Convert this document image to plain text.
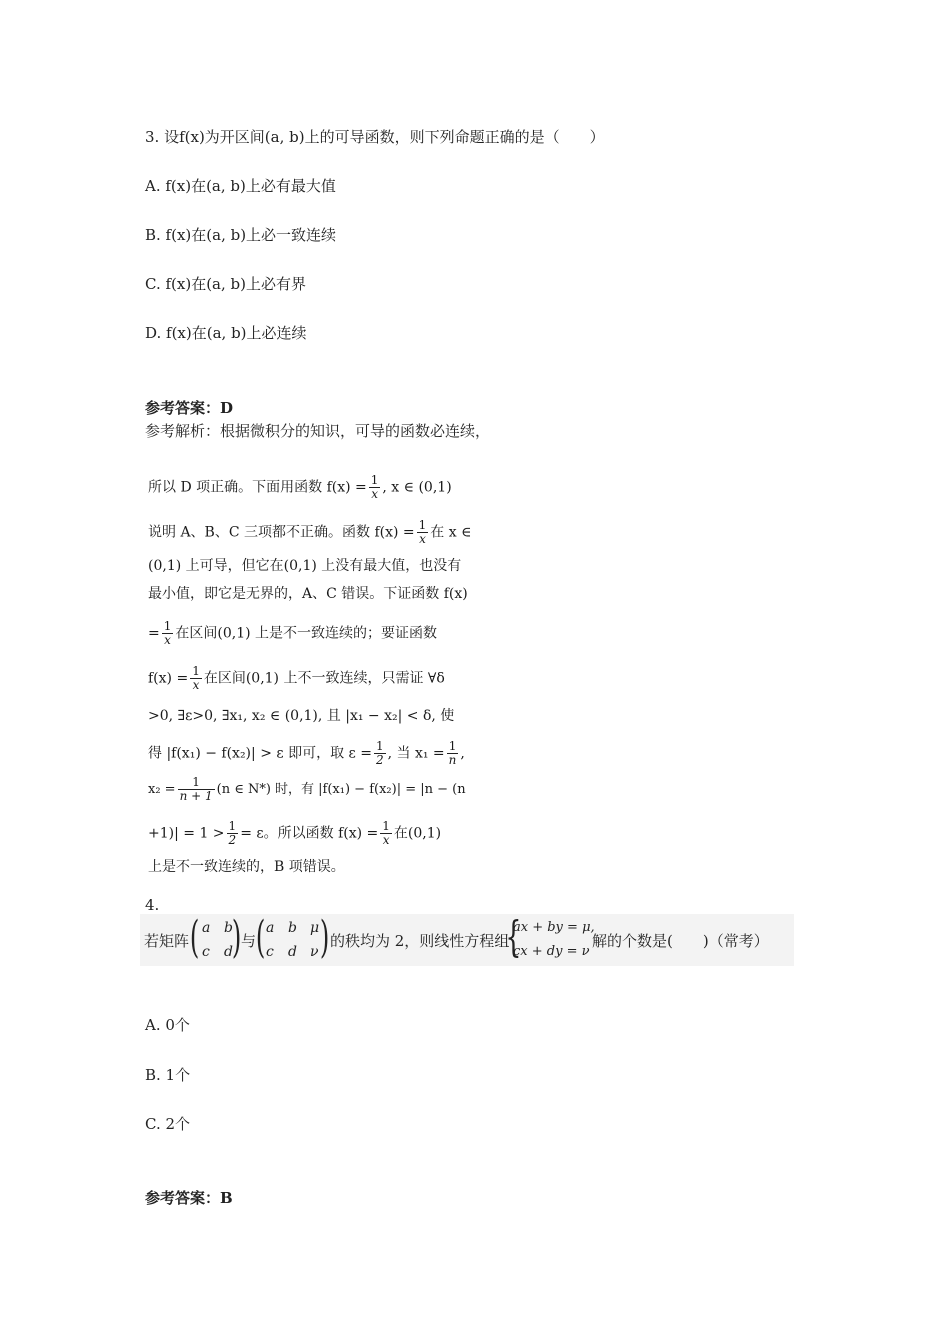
3. 设f(x)为开区间(a, b)上的可导函数，则下列命题正确的是（　　）
A. f(x)在(a, b)上必有最大值
B. f(x)在(a, b)上必一致连续
C. f(x)在(a, b)上必有界
D. f(x)在(a, b)上必连续
参考答案：D
参考解析：根据微积分的知识，可导的函数必连续，
所以 D 项正确。下面用函数 $f(x) = \frac{1}{x}$ , x ∈ (0,1)
说明 A、B、C 三项都不正确。函数 $f(x) = \frac{1}{x}$ 在 x ∈
(0,1) 上可导，但它在(0,1) 上没有最大值，也没有
最小值，即它是无界的，A、C 错误。下证函数 f(x)
= $\frac{1}{x}$ 在区间(0,1) 上是不一致连续的；要证函数
$f(x) = \frac{1}{x}$ 在区间(0,1) 上不一致连续，只需证 ∀δ
>0, ∃ε>0, ∃x₁, x₂ ∈ (0,1), 且 |x₁ − x₂| < δ, 使
得 |f(x₁) − f(x₂)| > ε 即可，取 $\varepsilon = \frac{1}{2}$ , 当 $x_1 = \frac{1}{n}$ ,
$x_2 = \frac{1}{n + 1} (n$ ∈ N*) 时，有 |f(x₁) − f(x₂)| = |n − (n
$+1)| = 1 > \frac{1}{2} = \varepsilon$。所以函数 $f(x) = \frac{1}{x}$ 在(0,1)
上是不一致连续的，B 项错误。
4.
若矩阵 ( a b
c d
) 与 ( a b μ
c d ν ) 的秩均为 2，则线性方程组
{
ax + by = μ,
cx + dy = ν
解的个数是(　　)（常考）
A. 0个
B. 1个
C. 2个
参考答案：B
